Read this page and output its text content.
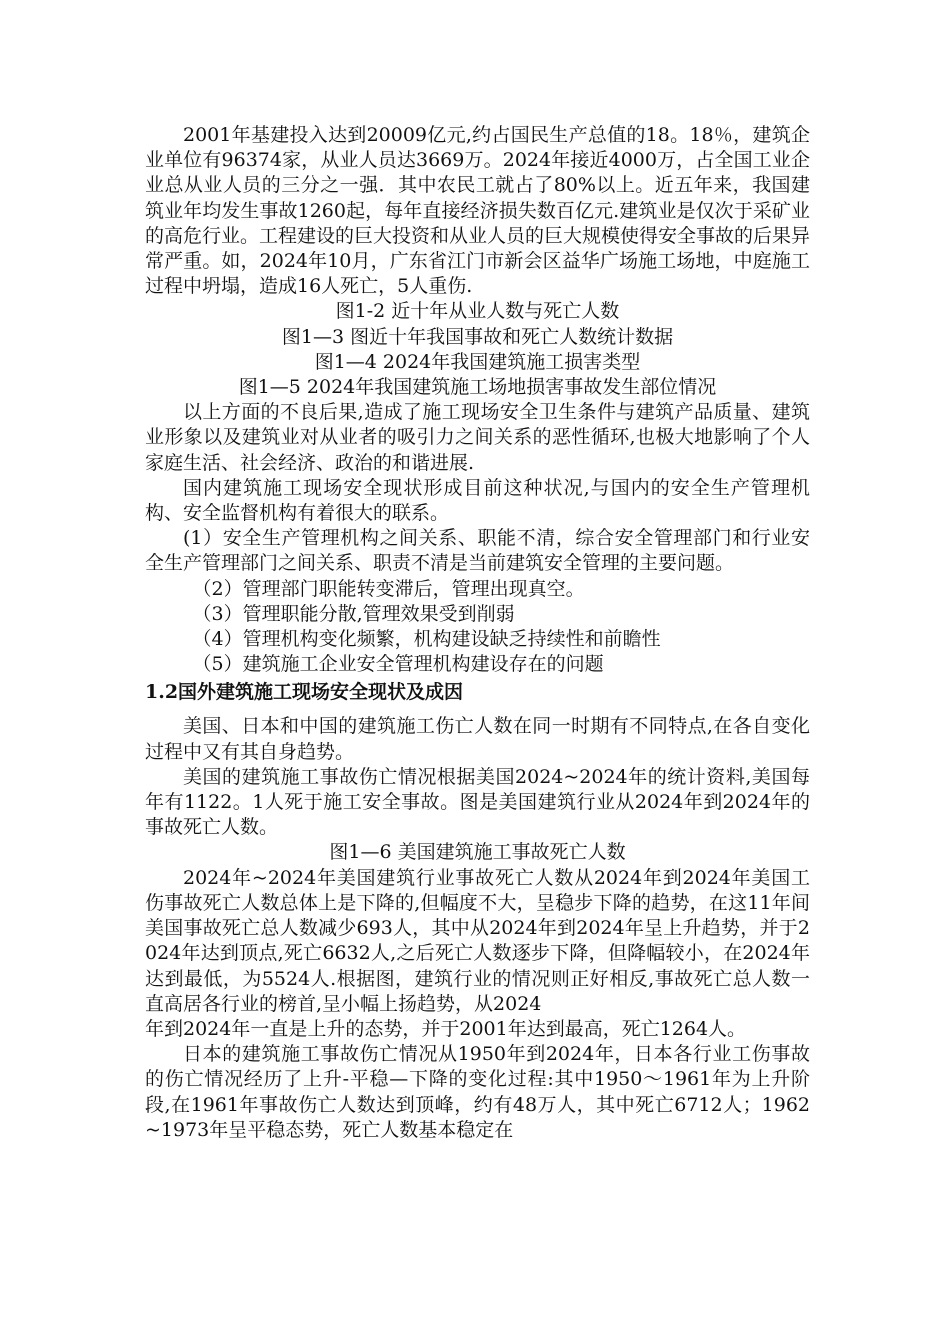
2001年基建投入达到20009亿元,约占国民生产总值的18。18％，建筑企业单位有96374家，从业人员达3669万。2024年接近4000万，占全国工业企业总从业人员的三分之一强．其中农民工就占了80%以上。近五年来，我国建筑业年均发生事故1260起，每年直接经济损失数百亿元.建筑业是仅次于采矿业的高危行业。工程建设的巨大投资和从业人员的巨大规模使得安全事故的后果异常严重。如，2024年10月，广东省江门市新会区益华广场施工场地，中庭施工过程中坍塌，造成16人死亡，5人重伤.

图1-2 近十年从业人数与死亡人数

图1—3 图近十年我国事故和死亡人数统计数据

图1—4 2024年我国建筑施工损害类型

图1—5 2024年我国建筑施工场地损害事故发生部位情况

以上方面的不良后果,造成了施工现场安全卫生条件与建筑产品质量、建筑业形象以及建筑业对从业者的吸引力之间关系的恶性循环,也极大地影响了个人家庭生活、社会经济、政治的和谐进展.

国内建筑施工现场安全现状形成目前这种状况,与国内的安全生产管理机构、安全监督机构有着很大的联系。

(1）安全生产管理机构之间关系、职能不清，综合安全管理部门和行业安全生产管理部门之间关系、职责不清是当前建筑安全管理的主要问题。

（2）管理部门职能转变滞后，管理出现真空。

（3）管理职能分散,管理效果受到削弱

（4）管理机构变化频繁，机构建设缺乏持续性和前瞻性

（5）建筑施工企业安全管理机构建设存在的问题

1.2国外建筑施工现场安全现状及成因

美国、日本和中国的建筑施工伤亡人数在同一时期有不同特点,在各自变化过程中又有其自身趋势。

美国的建筑施工事故伤亡情况根据美国2024~2024年的统计资料,美国每年有1122。1人死于施工安全事故。图是美国建筑行业从2024年到2024年的事故死亡人数。

图1—6 美国建筑施工事故死亡人数

2024年~2024年美国建筑行业事故死亡人数从2024年到2024年美国工伤事故死亡人数总体上是下降的,但幅度不大，呈稳步下降的趋势，在这11年间美国事故死亡总人数减少693人，其中从2024年到2024年呈上升趋势，并于2024年达到顶点,死亡6632人,之后死亡人数逐步下降，但降幅较小，在2024年达到最低，为5524人.根据图，建筑行业的情况则正好相反,事故死亡总人数一直高居各行业的榜首,呈小幅上扬趋势，从2024

年到2024年一直是上升的态势，并于2001年达到最高，死亡1264人。

日本的建筑施工事故伤亡情况从1950年到2024年，日本各行业工伤事故的伤亡情况经历了上升-平稳—下降的变化过程:其中1950～1961年为上升阶段,在1961年事故伤亡人数达到顶峰，约有48万人，其中死亡6712人；1962~1973年呈平稳态势，死亡人数基本稳定在
